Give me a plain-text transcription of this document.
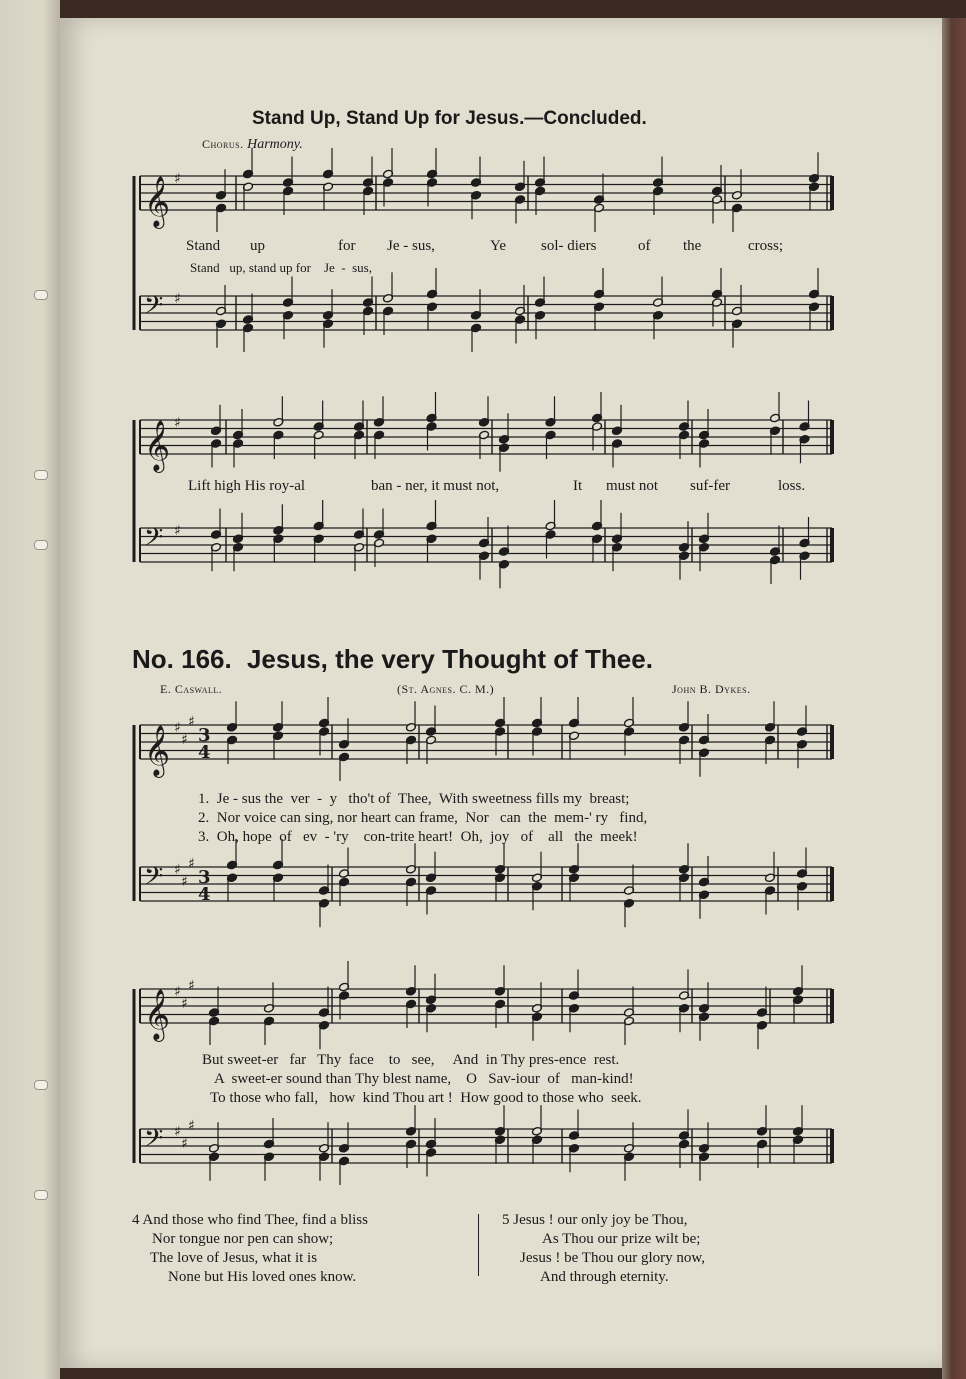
𝄞 ♯
𝄢 ♯
𝄞 ♯
𝄢 ♯
𝄞 ♯
♯
♯
3
4
𝄢 ♯
♯
♯
3
4
𝄞 ♯
♯
♯
𝄢 ♯
♯
♯
Stand Up, Stand Up for Jesus.—Concluded.
Chorus. Harmony.
Stand up	for Je - sus,	Ye sol- diers	of the	cross;
Stand   up, stand up for    Je  -  sus,
Lift high His roy-al	ban - ner, it must not,	It must not suf-fer	loss.
No. 166. Jesus, the very Thought of Thee.
E. Caswall.	(St. Agnes. C. M.)	John B. Dykes.
1.  Je - sus the  ver  -  y   tho't of  Thee,  With sweetness fills my  breast;
2.  Nor voice can sing, nor heart can frame,  Nor   can  the  mem-' ry   find,
3.  Oh, hope  of   ev  - 'ry    con-trite heart!  Oh,  joy   of    all   the  meek!
But sweet-er   far   Thy  face    to   see,     And  in Thy pres-ence  rest.
A  sweet-er sound than Thy blest name,    O   Sav-iour  of   man-kind!
To those who fall,   how  kind Thou art !  How good to those who  seek.
4 And those who find Thee, find a bliss
Nor tongue nor pen can show;
The love of Jesus, what it is
None but His loved ones know.
5 Jesus ! our only joy be Thou,
As Thou our prize wilt be;
Jesus ! be Thou our glory now,
And through eternity.
